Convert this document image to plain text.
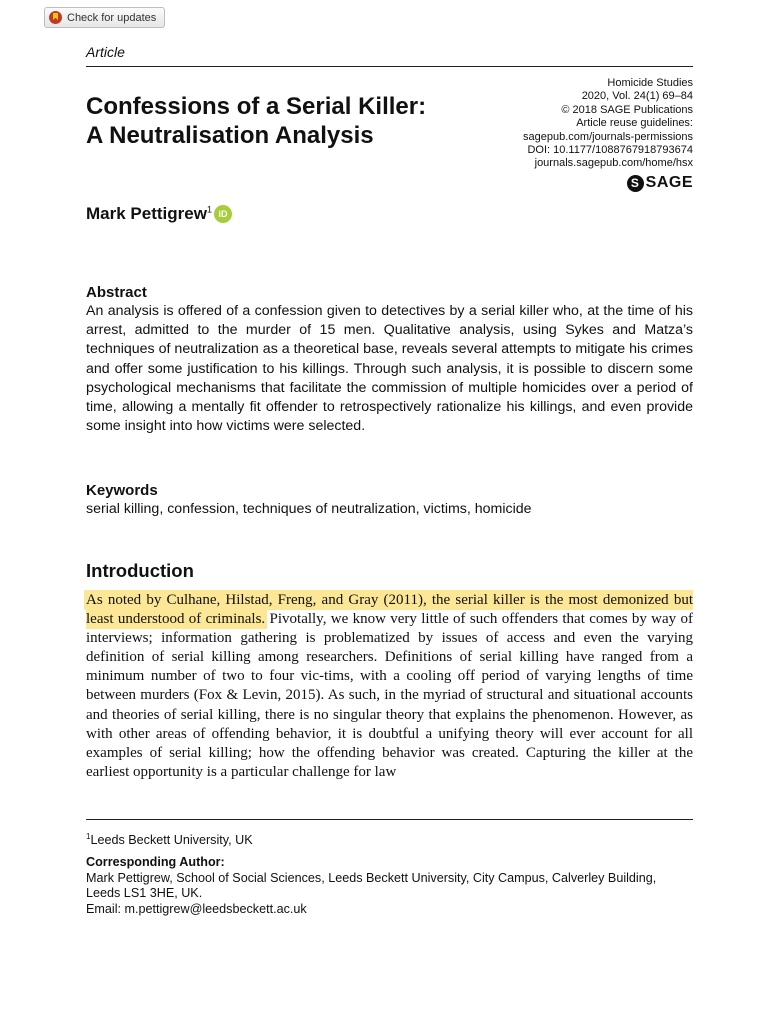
Check for updates
Article
Homicide Studies
2020, Vol. 24(1) 69–84
© 2018 SAGE Publications
Article reuse guidelines:
sagepub.com/journals-permissions
DOI: 10.1177/1088767918793674
journals.sagepub.com/home/hsx
Confessions of a Serial Killer:
A Neutralisation Analysis
S SAGE
Mark Pettigrew$^1$ iD
Abstract

An analysis is offered of a confession given to detectives by a serial killer who, at the time of his arrest, admitted to the murder of 15 men. Qualitative analysis, using Sykes and Matza’s techniques of neutralization as a theoretical base, reveals several attempts to mitigate his crimes and offer some justification to his killings. Through such analysis, it is possible to discern some psychological mechanisms that facilitate the commission of multiple homicides over a period of time, allowing a mentally fit offender to retrospectively rationalize his killings, and even provide some insight into how victims were selected.

Keywords

serial killing, confession, techniques of neutralization, victims, homicide

Introduction

As noted by Culhane, Hilstad, Freng, and Gray (2011), the serial killer is the most demonized but least understood of criminals. Pivotally, we know very little of such offenders that comes by way of interviews; information gathering is problematized by issues of access and even the varying definition of serial killing among researchers. Definitions of serial killing have ranged from a minimum number of two to four vic-tims, with a cooling off period of varying lengths of time between murders (Fox & Levin, 2015). As such, in the myriad of structural and situational accounts and theories of serial killing, there is no singular theory that explains the phenomenon. However, as with other areas of offending behavior, it is doubtful a unifying theory will ever account for all examples of serial killing; how the offending behavior was created. Capturing the killer at the earliest opportunity is a particular challenge for law

$^1$Leeds Beckett University, UK
Corresponding Author:
Mark Pettigrew, School of Social Sciences, Leeds Beckett University, City Campus, Calverley Building, Leeds LS1 3HE, UK.
Email: m.pettigrew@leedsbeckett.ac.uk
